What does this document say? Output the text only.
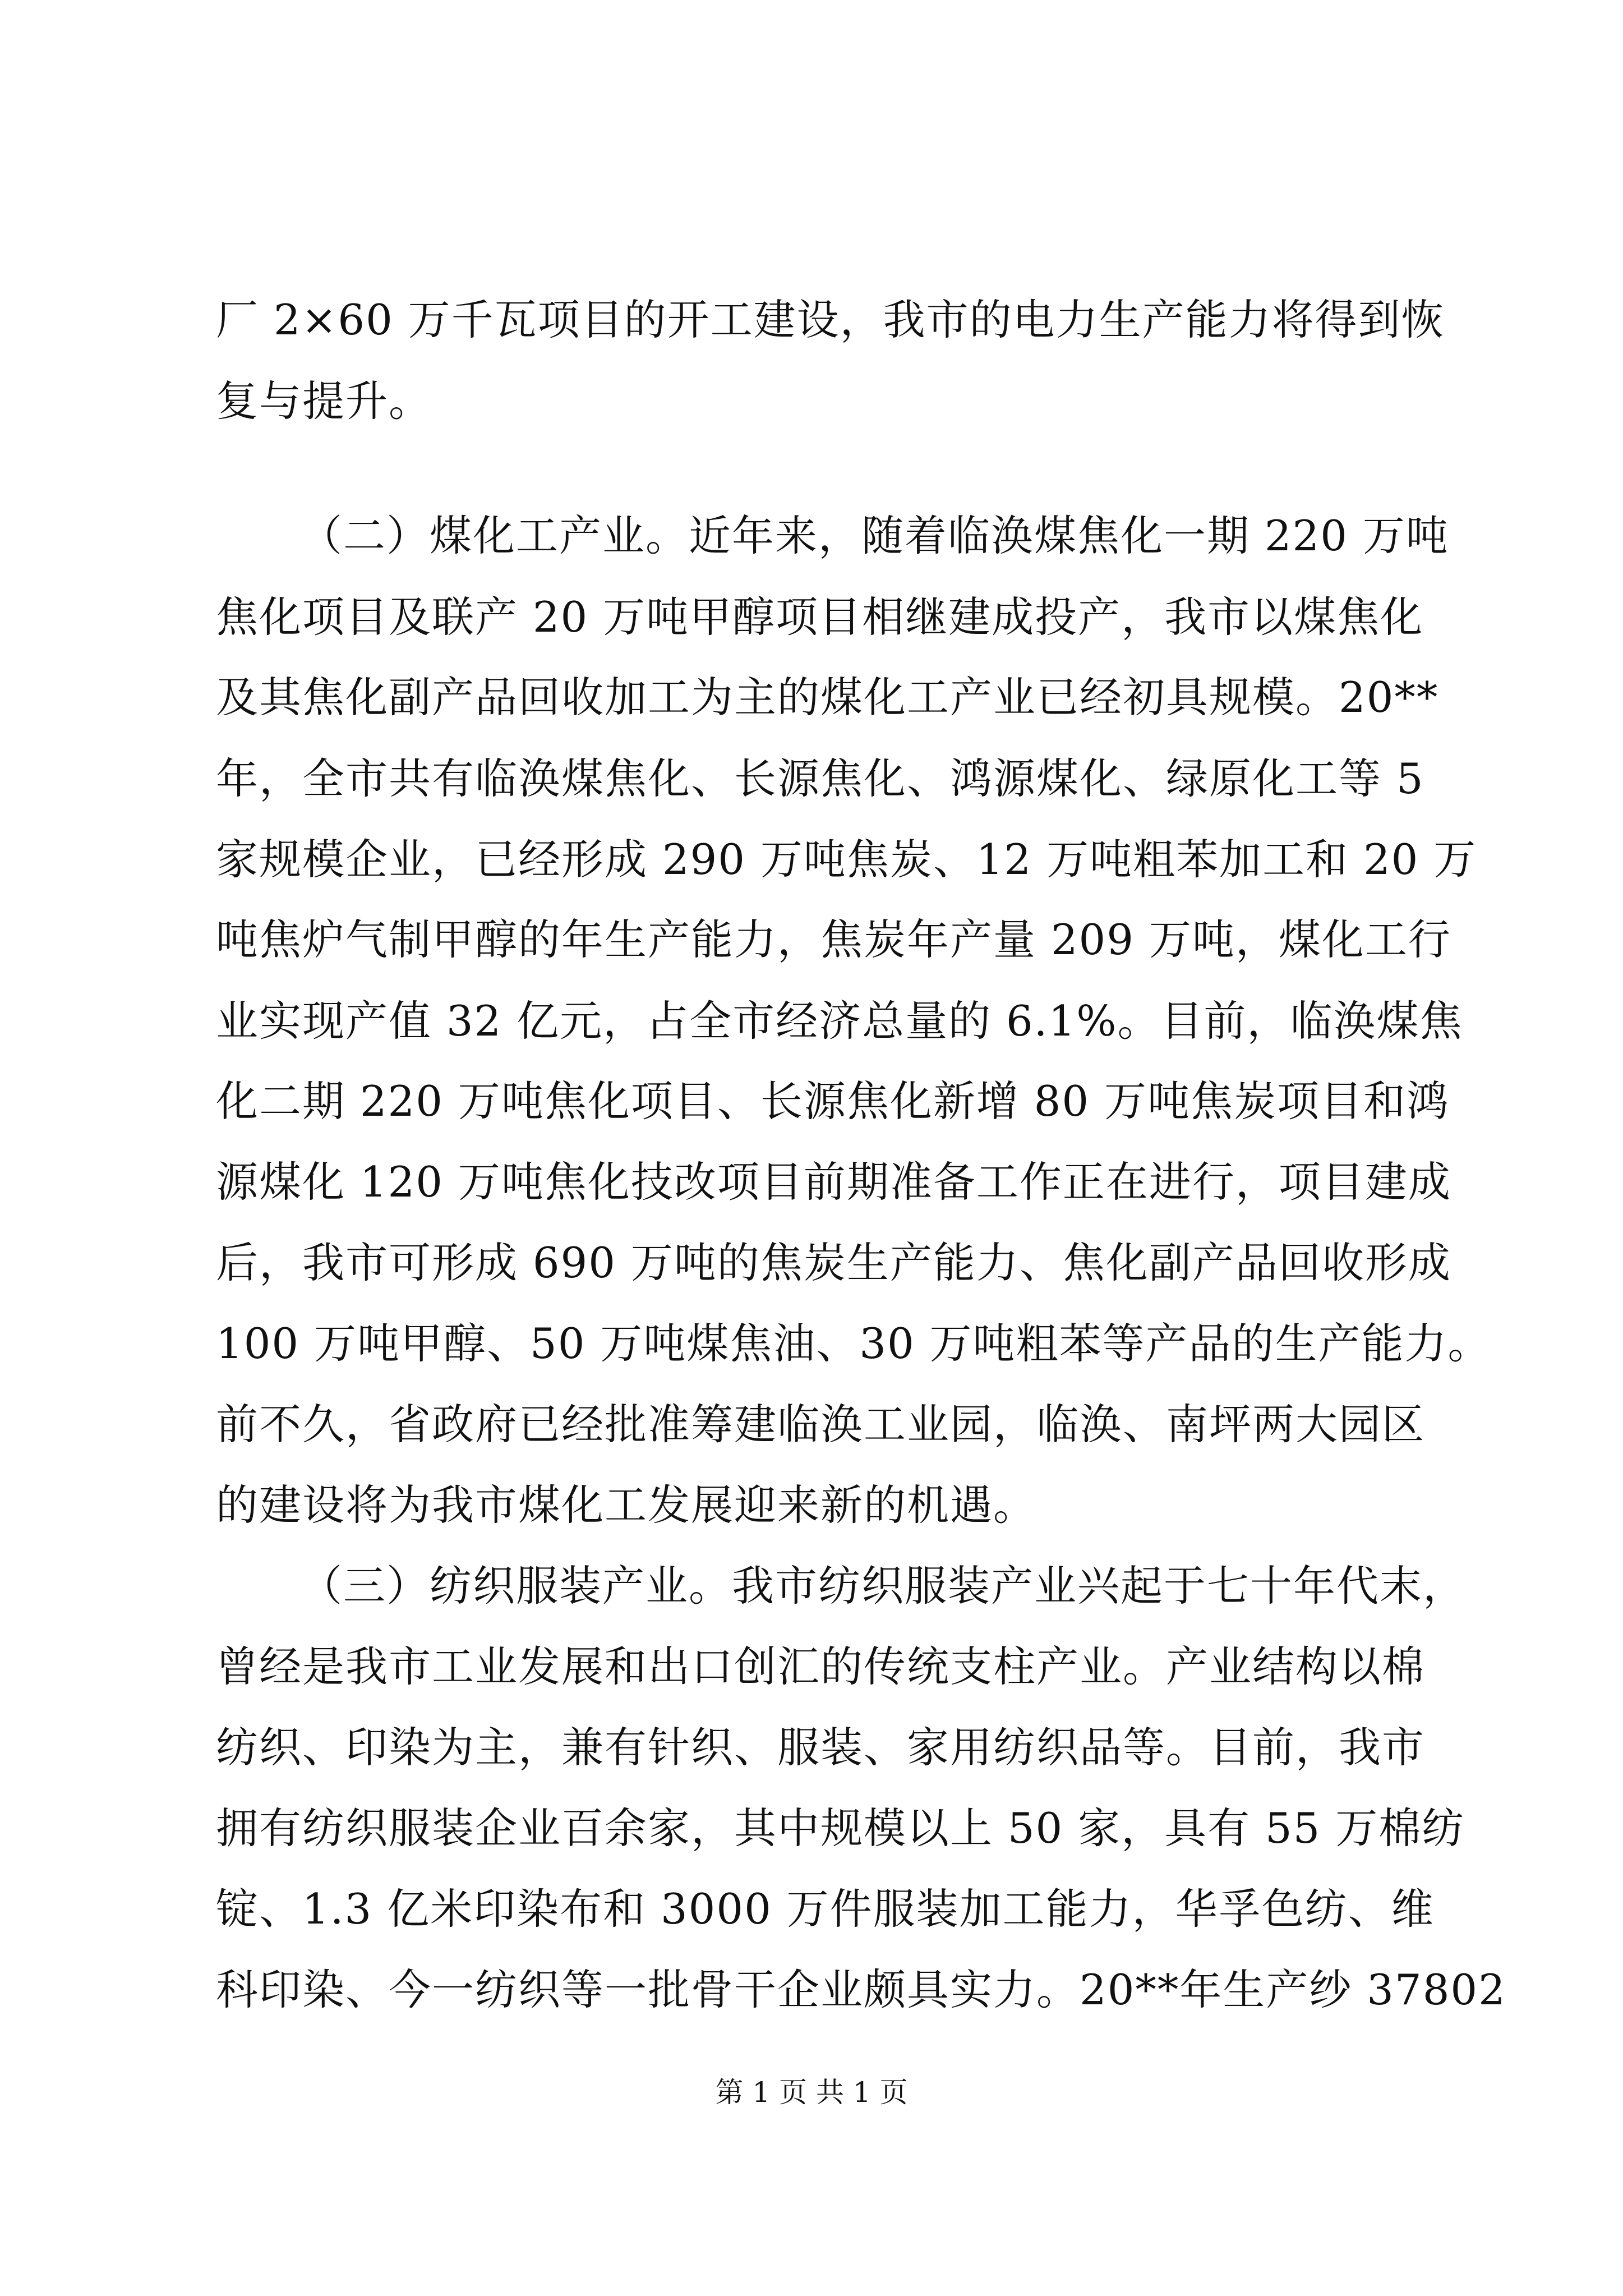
厂 2×60 万千瓦项目的开工建设，我市的电力生产能力将得到恢
复与提升。
（二）煤化工产业。近年来，随着临涣煤焦化一期 220 万吨
焦化项目及联产 20 万吨甲醇项目相继建成投产，我市以煤焦化
及其焦化副产品回收加工为主的煤化工产业已经初具规模。20**
年，全市共有临涣煤焦化、长源焦化、鸿源煤化、绿原化工等 5
家规模企业，已经形成 290 万吨焦炭、12 万吨粗苯加工和 20 万
吨焦炉气制甲醇的年生产能力，焦炭年产量 209 万吨，煤化工行
业实现产值 32 亿元，占全市经济总量的 6.1%。目前，临涣煤焦
化二期 220 万吨焦化项目、长源焦化新增 80 万吨焦炭项目和鸿
源煤化 120 万吨焦化技改项目前期准备工作正在进行，项目建成
后，我市可形成 690 万吨的焦炭生产能力、焦化副产品回收形成
100 万吨甲醇、50 万吨煤焦油、30 万吨粗苯等产品的生产能力。
前不久，省政府已经批准筹建临涣工业园，临涣、南坪两大园区
的建设将为我市煤化工发展迎来新的机遇。
（三）纺织服装产业。我市纺织服装产业兴起于七十年代末，
曾经是我市工业发展和出口创汇的传统支柱产业。产业结构以棉
纺织、印染为主，兼有针织、服装、家用纺织品等。目前，我市
拥有纺织服装企业百余家，其中规模以上 50 家，具有 55 万棉纺
锭、1.3 亿米印染布和 3000 万件服装加工能力，华孚色纺、维
科印染、今一纺织等一批骨干企业颇具实力。20**年生产纱 37802
第 1 页 共 1 页
